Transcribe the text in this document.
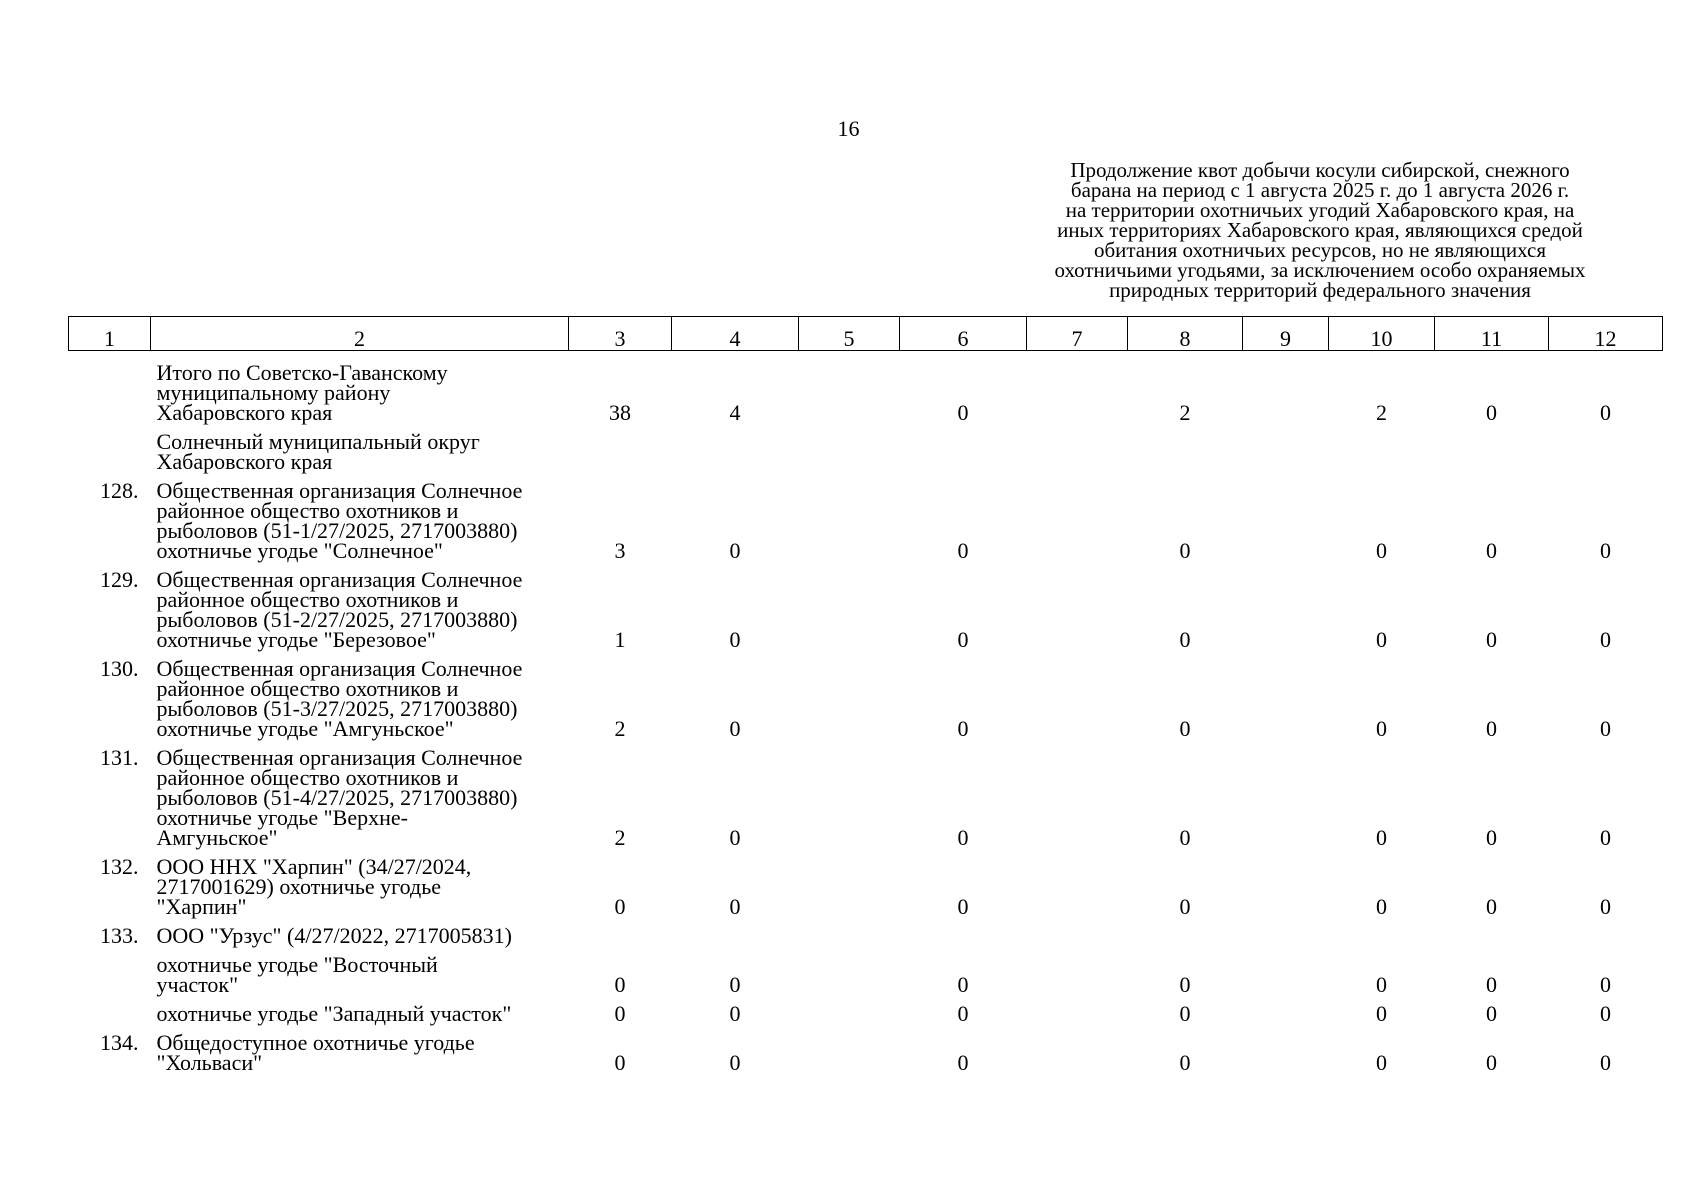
16
Продолжение квот добычи косули сибирской, снежного
барана на период с 1 августа 2025 г. до 1 августа 2026 г.
на территории охотничьих угодий Хабаровского края, на
иных территориях Хабаровского края, являющихся средой
обитания охотничьих ресурсов, но не являющихся
охотничьими угодьями, за исключением особо охраняемых
природных территорий федерального значения
1	2	3	4	5	6	7	8	9	10	11	12

	Итого по Советско-Гаванскому
муниципальному району
Хабаровского края	38	4		0		2		2	0	0

	Солнечный муниципальный округ
Хабаровского края										

128.	Общественная организация Солнечное
районное общество охотников и
рыболовов (51-1/27/2025, 2717003880)
охотничье угодье "Солнечное"	3	0		0		0		0	0	0
129.	Общественная организация Солнечное
районное общество охотников и
рыболовов (51-2/27/2025, 2717003880)
охотничье угодье "Березовое"	1	0		0		0		0	0	0
130.	Общественная организация Солнечное
районное общество охотников и
рыболовов (51-3/27/2025, 2717003880)
охотничье угодье "Амгуньское"	2	0		0		0		0	0	0
131.	Общественная организация Солнечное
районное общество охотников и
рыболовов (51-4/27/2025, 2717003880)
охотничье угодье "Верхне-
Амгуньское"	2	0		0		0		0	0	0
132.	ООО ННХ "Харпин" (34/27/2024,
2717001629) охотничье угодье
"Харпин"	0	0		0		0		0	0	0
133.	ООО "Урзус" (4/27/2022, 2717005831)										

	охотничье угодье "Восточный
участок"	0	0		0		0		0	0	0

	охотничье угодье "Западный участок"	0	0		0		0		0	0	0
134.	Общедоступное охотничье угодье
"Хольваси"	0	0		0		0		0	0	0
